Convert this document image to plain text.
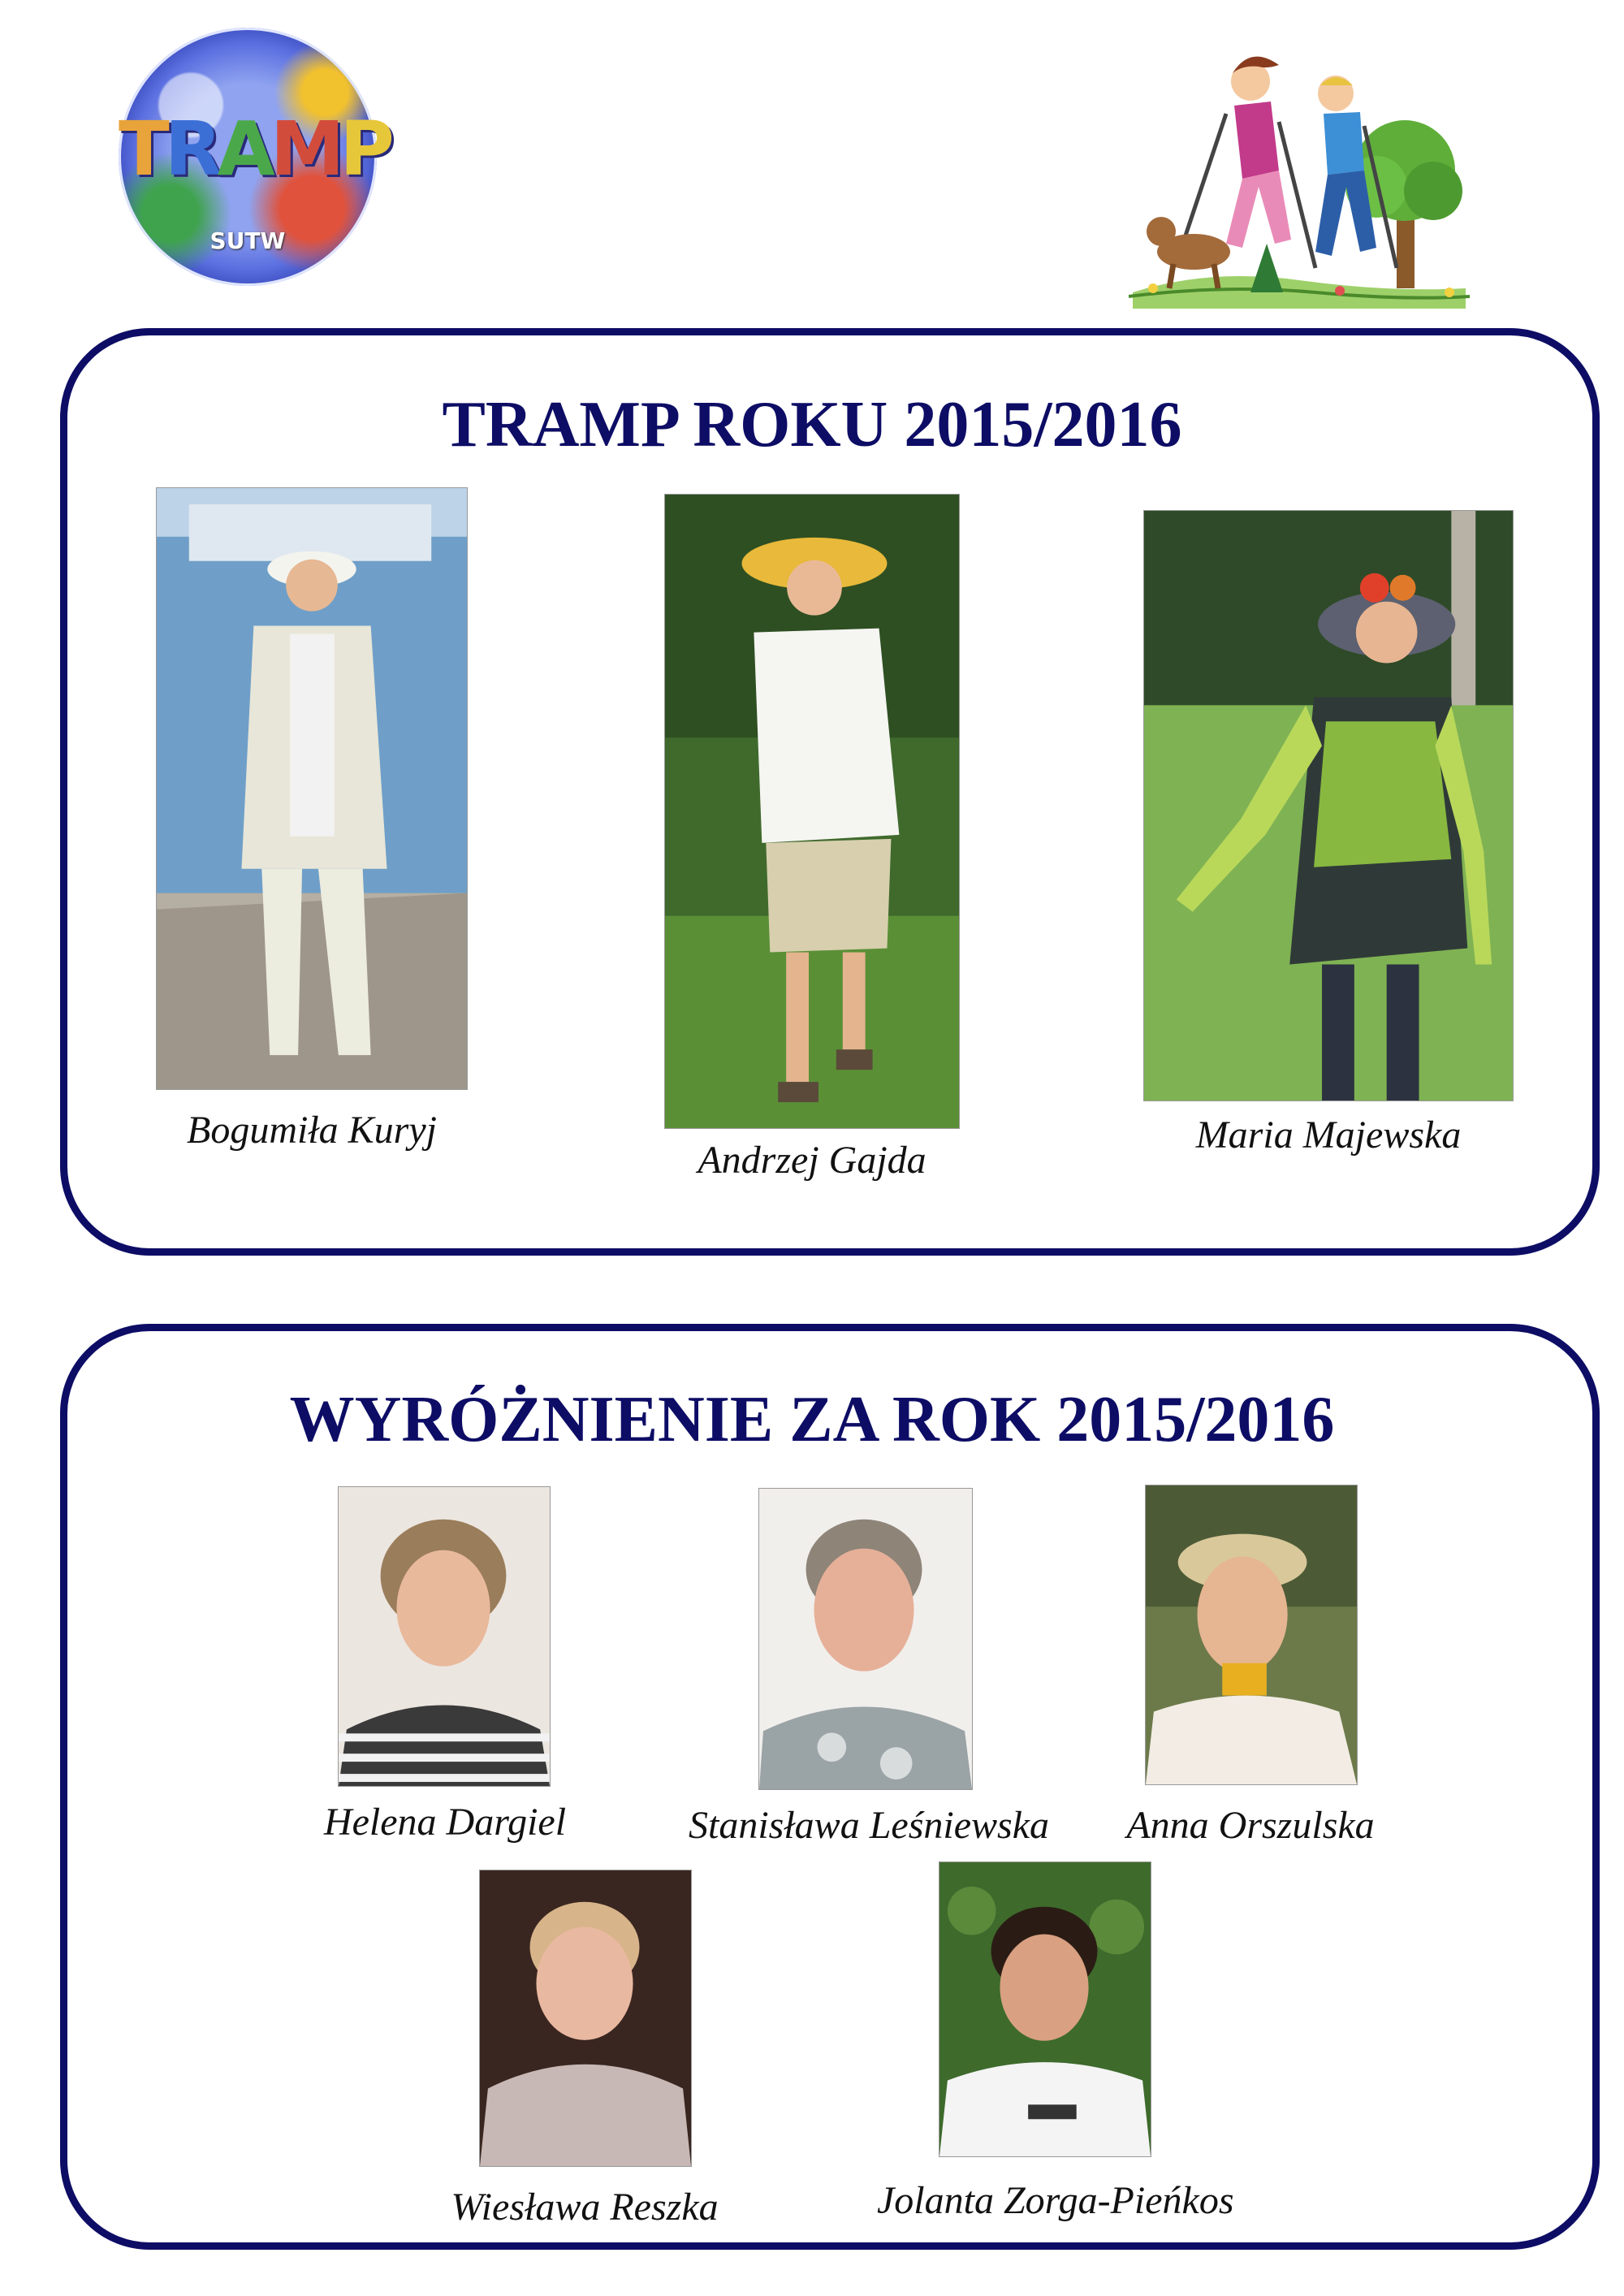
TRAMP
SUTW
TRAMP ROKU 2015/2016
Bogumiła Kuryj
Andrzej Gajda
Maria Majewska
WYRÓŻNIENIE ZA ROK 2015/2016
Helena Dargiel	Stanisława Leśniewska	Anna Orszulska
Wiesława Reszka	Jolanta Zorga-Pieńkos
